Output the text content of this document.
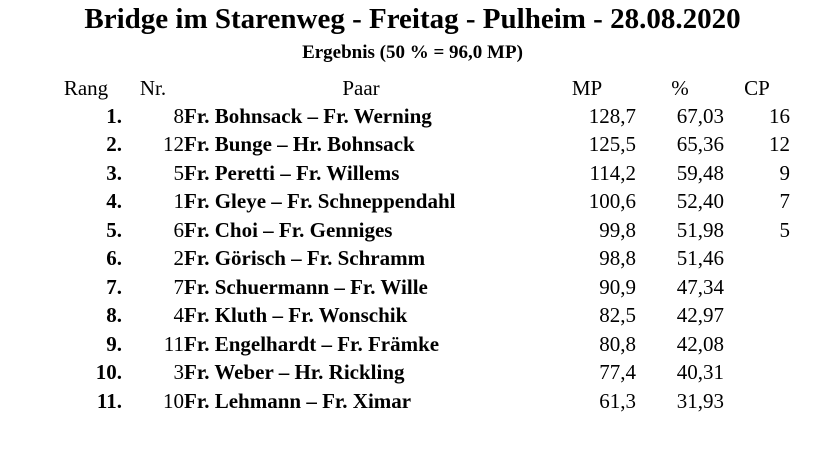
Bridge im Starenweg - Freitag - Pulheim - 28.08.2020
Ergebnis (50 % = 96,0 MP)
Rang	Nr.	Paar	MP	%	CP
1.	8	Fr. Bohnsack – Fr. Werning	128,7	67,03	16
2.	12	Fr. Bunge – Hr. Bohnsack	125,5	65,36	12
3.	5	Fr. Peretti – Fr. Willems	114,2	59,48	9
4.	1	Fr. Gleye – Fr. Schneppendahl	100,6	52,40	7
5.	6	Fr. Choi – Fr. Genniges	99,8	51,98	5
6.	2	Fr. Görisch – Fr. Schramm	98,8	51,46	
7.	7	Fr. Schuermann – Fr. Wille	90,9	47,34	
8.	4	Fr. Kluth – Fr. Wonschik	82,5	42,97	
9.	11	Fr. Engelhardt – Fr. Främke	80,8	42,08	
10.	3	Fr. Weber – Hr. Rickling	77,4	40,31	
11.	10	Fr. Lehmann – Fr. Ximar	61,3	31,93	
